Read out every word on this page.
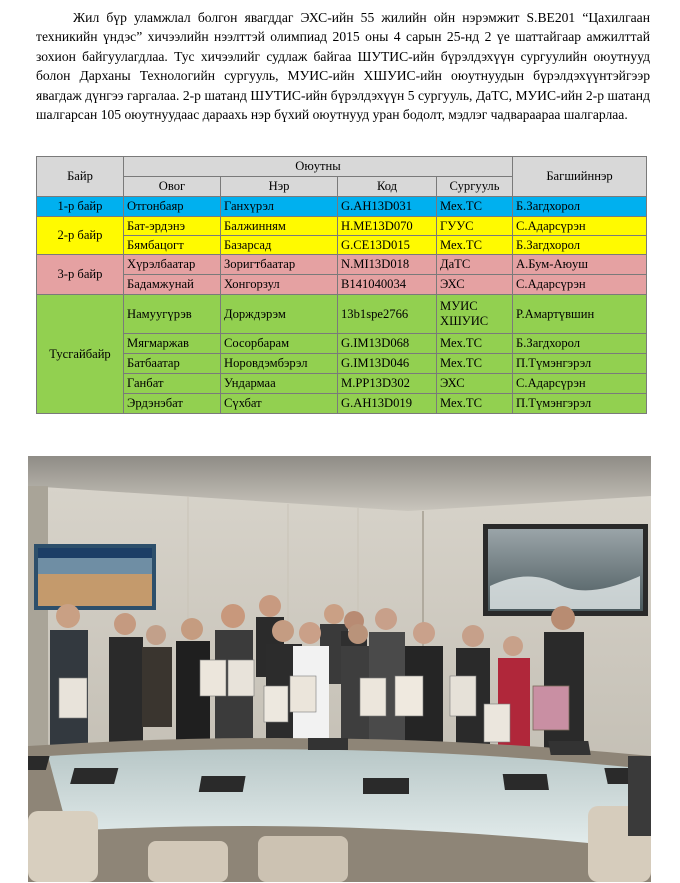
Жил бүр уламжлал болгон явагддаг ЭХС-ийн 55 жилийн ойн нэрэмжит S.BE201 “Цахилгаан техникийн үндэс” хичээлийн нээлттэй олимпиад 2015 оны 4 сарын 25-нд 2 үе шаттайгаар амжилттай зохион байгуулагдлаа. Тус хичээлийг судлаж байгаа ШУТИС-ийн бүрэлдэхүүн сургуулийн оюутнууд болон Дарханы Технологийн сургууль, МУИС-ийн ХШУИС-ийн оюутнуудын бүрэлдэхүүнтэйгээр явагдаж дүнгээ гаргалаа. 2-р шатанд ШУТИС-ийн бүрэлдэхүүн 5 сургууль, ДаТС, МУИС-ийн 2-р шатанд шалгарсан 105 оюутнуудаас дараахь нэр бүхий оюутнууд уран бодолт, мэдлэг чадвараараа шалгарлаа.

Байр	Оюутны				Багшийннэр
	Овог	Нэр	Код	Сургууль	
1-р байр	Отгонбаяр	Ганхүрэл	G.AH13D031	Мех.ТС	Б.Загдхорол
2-р байр	Бат-эрдэнэ	Балжинням	H.ME13D070	ГУУС	С.Адарсүрэн
	Бямбацогт	Базарсад	G.CE13D015	Мех.ТС	Б.Загдхорол
3-р байр	Хүрэлбаатар	Зоригтбаатар	N.MI13D018	ДаТС	А.Бум-Аюуш
	Бадамжунай	Хонгорзул	B141040034	ЭХС	С.Адарсүрэн
Тусгайбайр	Намуугүрэв	Дорждэрэм	13b1spe2766	МУИС ХШУИС	Р.Амартүвшин
	Мягмаржав	Сосорбарам	G.IM13D068	Мех.ТС	Б.Загдхорол
	Батбаатар	Норовдэмбэрэл	G.IM13D046	Мех.ТС	П.Түмэнгэрэл
	Ганбат	Ундармаа	M.PP13D302	ЭХС	С.Адарсүрэн
	Эрдэнэбат	Сүхбат	G.AH13D019	Мех.ТС	П.Түмэнгэрэл
